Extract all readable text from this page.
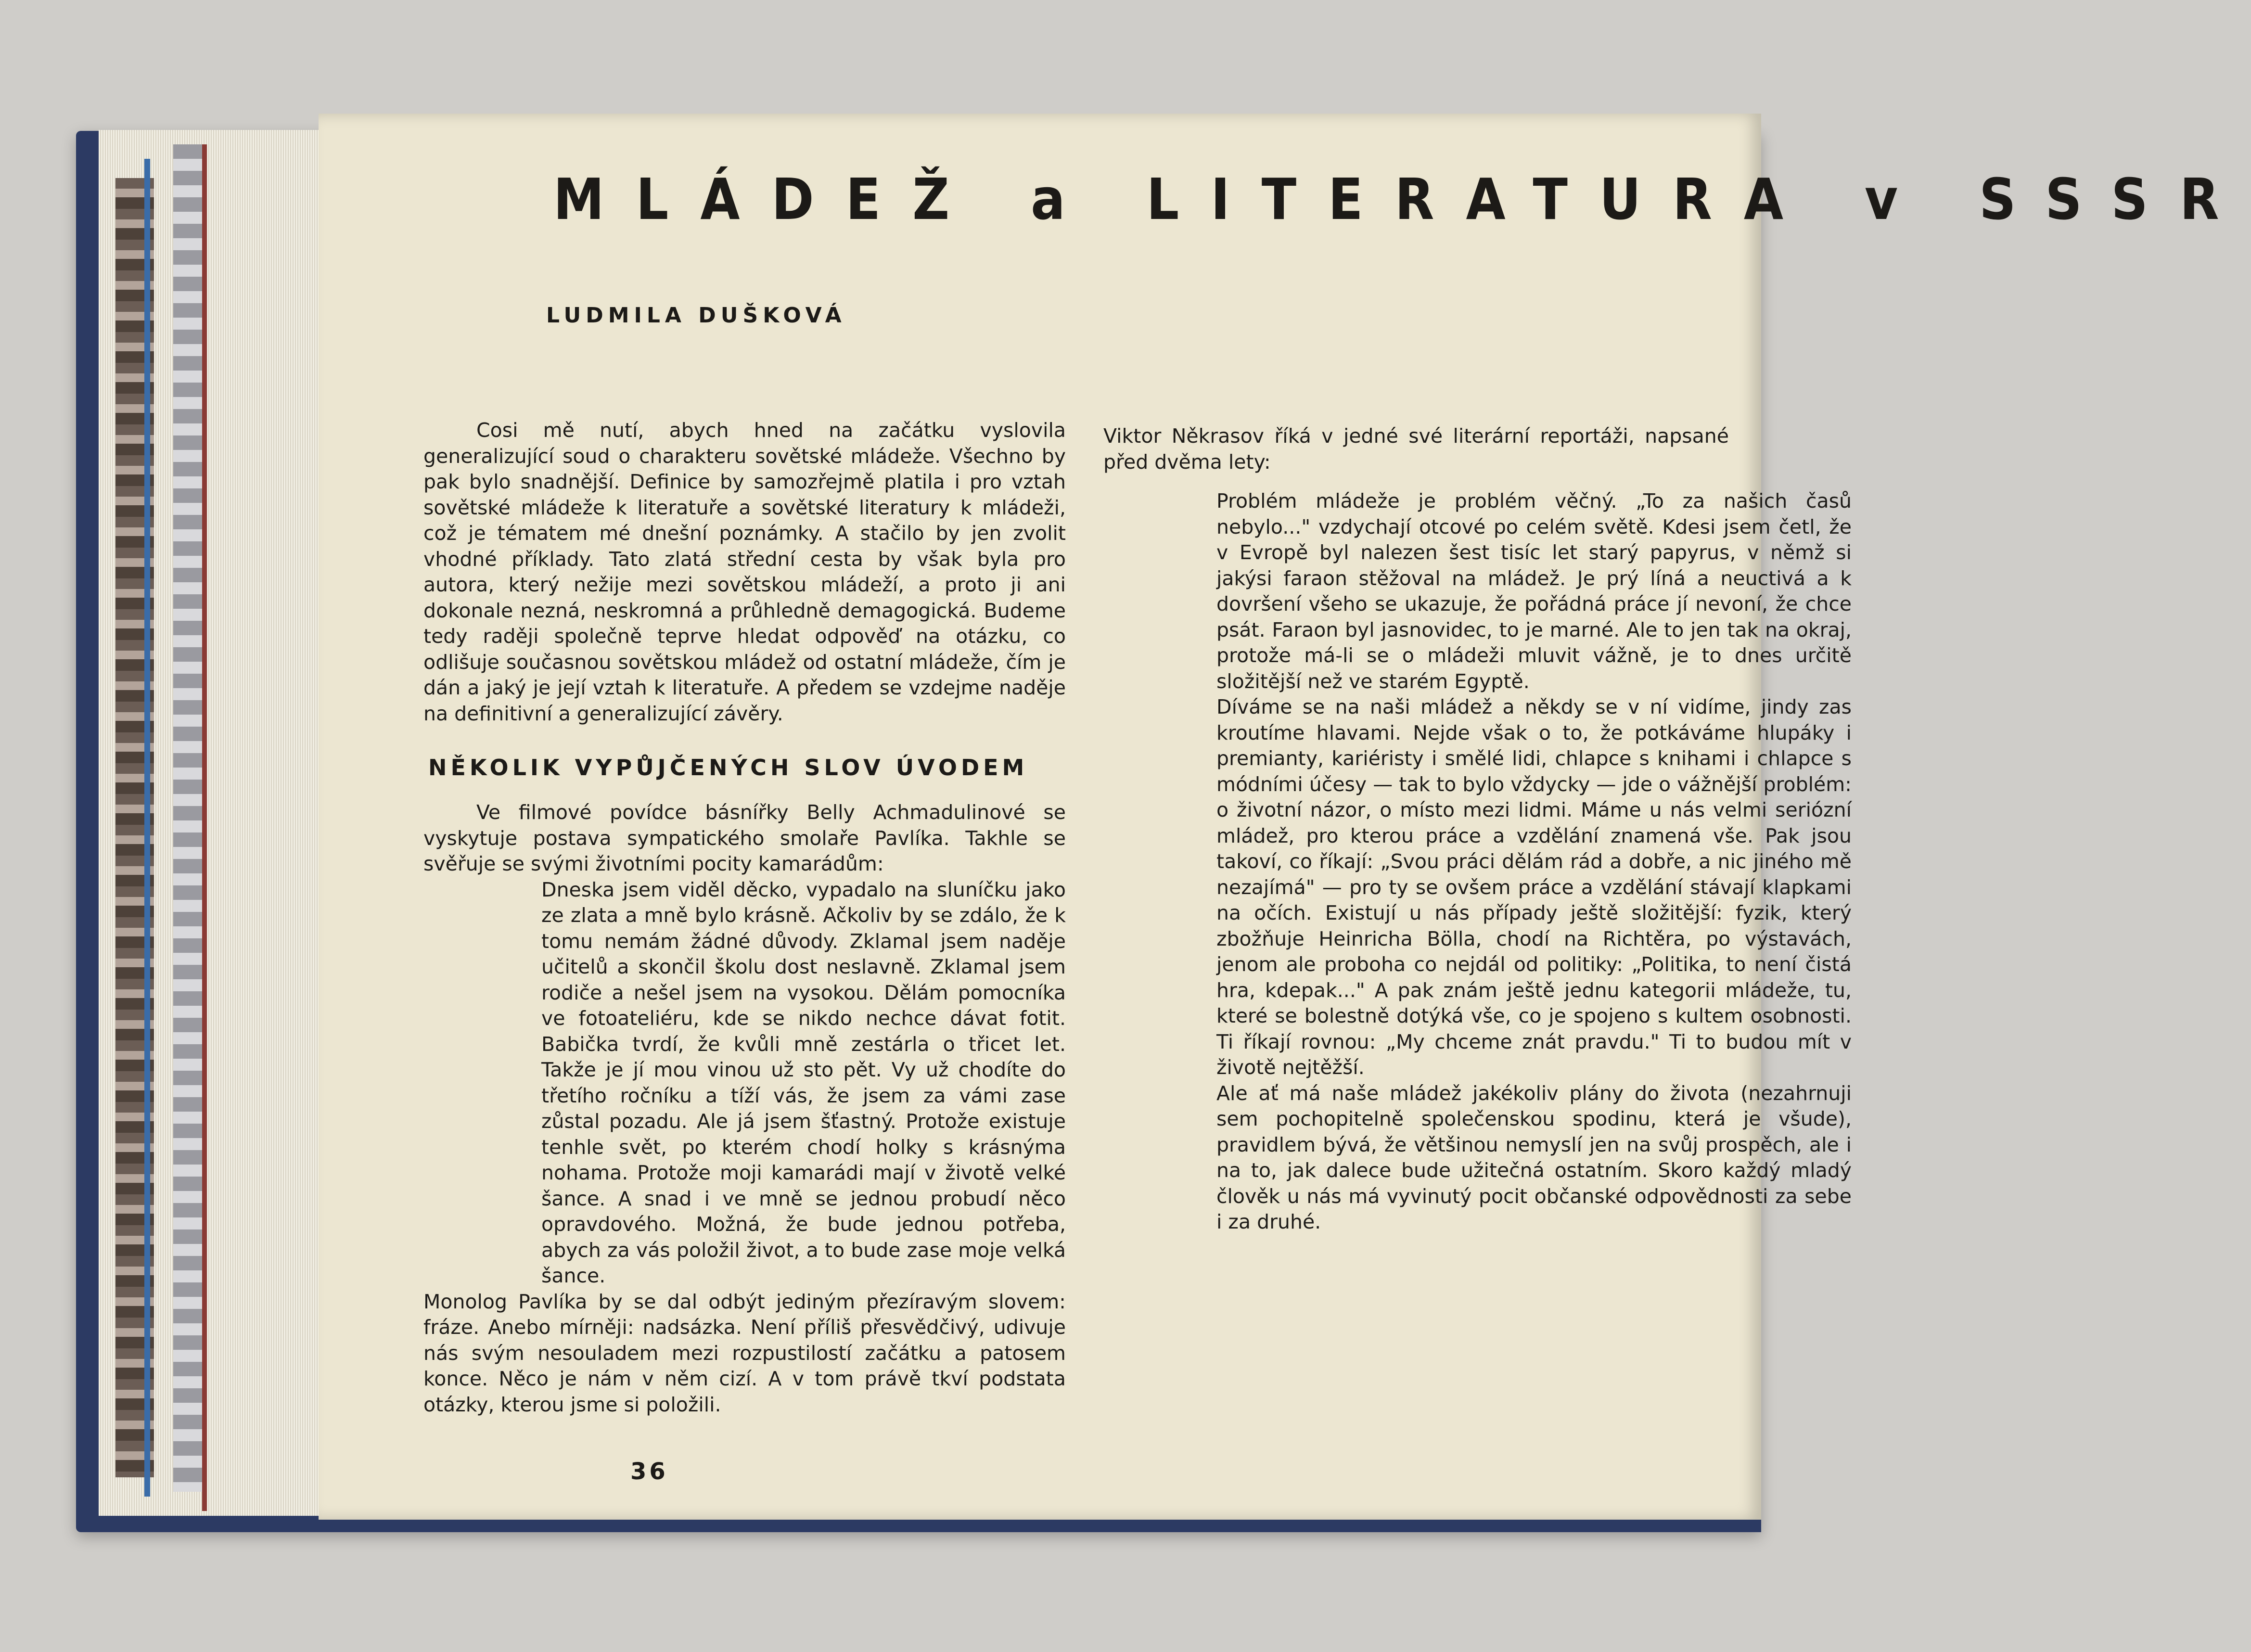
MLÁDEŽ a LITERATURA v SSSR
LUDMILA DUŠKOVÁ

Cosi mě nutí, abych hned na začátku vyslovila generalizující soud o charakteru sovětské mládeže. Všechno by pak bylo snadnější. Definice by samozřejmě platila i pro vztah sovětské mládeže k literatuře a sovětské literatury k mládeži, což je tématem mé dnešní poznámky. A stačilo by jen zvolit vhodné příklady. Tato zlatá střední cesta by však byla pro autora, který nežije mezi sovětskou mládeží, a proto ji ani dokonale nezná, neskromná a průhledně demagogická. Budeme tedy raději společně teprve hledat odpověď na otázku, co odlišuje současnou sovětskou mládež od ostatní mládeže, čím je dán a jaký je její vztah k literatuře. A předem se vzdejme naděje na definitivní a generalizující závěry.

NĚKOLIK VYPŮJČENÝCH SLOV ÚVODEM

Ve filmové povídce básnířky Belly Achmadulinové se vyskytuje postava sympatického smolaře Pavlíka. Takhle se svěřuje se svými životními pocity kamarádům:

Dneska jsem viděl děcko, vypadalo na sluníčku jako ze zlata a mně bylo krásně. Ačkoliv by se zdálo, že k tomu nemám žádné důvody. Zklamal jsem naděje učitelů a skončil školu dost neslavně. Zklamal jsem rodiče a nešel jsem na vysokou. Dělám pomocníka ve fotoateliéru, kde se nikdo nechce dávat fotit. Babička tvrdí, že kvůli mně zestárla o třicet let. Takže je jí mou vinou už sto pět. Vy už chodíte do třetího ročníku a tíží vás, že jsem za vámi zase zůstal pozadu. Ale já jsem šťastný. Protože existuje tenhle svět, po kterém chodí holky s krásnýma nohama. Protože moji kamarádi mají v životě velké šance. A snad i ve mně se jednou probudí něco opravdového. Možná, že bude jednou potřeba, abych za vás položil život, a to bude zase moje velká šance.

Monolog Pavlíka by se dal odbýt jediným přezíravým slovem: fráze. Anebo mírněji: nadsázka. Není příliš přesvědčivý, udivuje nás svým nesouladem mezi rozpustilostí začátku a patosem konce. Něco je nám v něm cizí. A v tom právě tkví podstata otázky, kterou jsme si položili.

Viktor Někrasov říká v jedné své literární reportáži, napsané před dvěma lety:

Problém mládeže je problém věčný. „To za našich časů nebylo..." vzdychají otcové po celém světě. Kdesi jsem četl, že v Evropě byl nalezen šest tisíc let starý papyrus, v němž si jakýsi faraon stěžoval na mládež. Je prý líná a neuctivá a k dovršení všeho se ukazuje, že pořádná práce jí nevoní, že chce psát. Faraon byl jasnovidec, to je marné. Ale to jen tak na okraj, protože má-li se o mládeži mluvit vážně, je to dnes určitě složitější než ve starém Egyptě.

Díváme se na naši mládež a někdy se v ní vidíme, jindy zas kroutíme hlavami. Nejde však o to, že potkáváme hlupáky i premianty, kariéristy i smělé lidi, chlapce s knihami i chlapce s módními účesy — tak to bylo vždycky — jde o vážnější problém: o životní názor, o místo mezi lidmi. Máme u nás velmi seriózní mládež, pro kterou práce a vzdělání znamená vše. Pak jsou takoví, co říkají: „Svou práci dělám rád a dobře, a nic jiného mě nezajímá" — pro ty se ovšem práce a vzdělání stávají klapkami na očích. Existují u nás případy ještě složitější: fyzik, který zbožňuje Heinricha Bölla, chodí na Richtěra, po výstavách, jenom ale proboha co nejdál od politiky: „Politika, to není čistá hra, kdepak..." A pak znám ještě jednu kategorii mládeže, tu, které se bolestně dotýká vše, co je spojeno s kultem osobnosti. Ti říkají rovnou: „My chceme znát pravdu." Ti to budou mít v životě nejtěžší.

Ale ať má naše mládež jakékoliv plány do života (nezahrnuji sem pochopitelně společenskou spodinu, která je všude), pravidlem bývá, že většinou nemyslí jen na svůj prospěch, ale i na to, jak dalece bude užitečná ostatním. Skoro každý mladý člověk u nás má vyvinutý pocit občanské odpovědnosti za sebe i za druhé.

36
